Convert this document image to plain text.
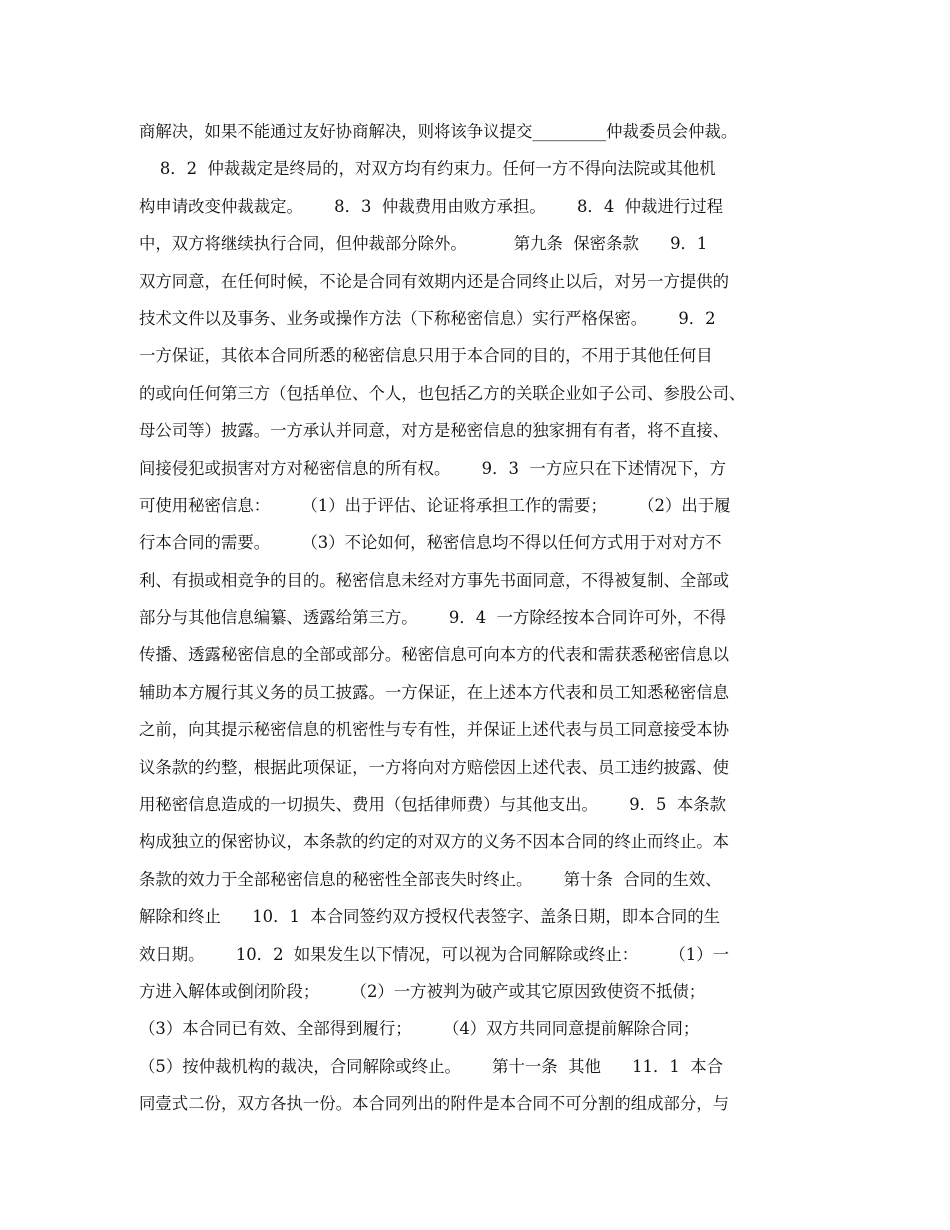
商解决，如果不能通过友好协商解决，则将该争议提交_________仲裁委员会仲裁。
8．2  仲裁裁定是终局的，对双方均有约束力。任何一方不得向法院或其他机
构申请改变仲裁裁定。      8．3  仲裁费用由败方承担。      8．4  仲裁进行过程
中，双方将继续执行合同，但仲裁部分除外。         第九条  保密条款      9．1
双方同意，在任何时候，不论是合同有效期内还是合同终止以后，对另一方提供的
技术文件以及事务、业务或操作方法（下称秘密信息）实行严格保密。      9．2
一方保证，其依本合同所悉的秘密信息只用于本合同的目的，不用于其他任何目
的或向任何第三方（包括单位、个人，也包括乙方的关联企业如子公司、参股公司、
母公司等）披露。一方承认并同意，对方是秘密信息的独家拥有有者，将不直接、
间接侵犯或损害对方对秘密信息的所有权。      9．3  一方应只在下述情况下，方
可使用秘密信息：      （1）出于评估、论证将承担工作的需要；      （2）出于履
行本合同的需要。      （3）不论如何，秘密信息均不得以任何方式用于对对方不
利、有损或相竞争的目的。秘密信息未经对方事先书面同意，不得被复制、全部或
部分与其他信息编纂、透露给第三方。      9．4  一方除经按本合同许可外，不得
传播、透露秘密信息的全部或部分。秘密信息可向本方的代表和需获悉秘密信息以
辅助本方履行其义务的员工披露。一方保证，在上述本方代表和员工知悉秘密信息
之前，向其提示秘密信息的机密性与专有性，并保证上述代表与员工同意接受本协
议条款的约整，根据此项保证，一方将向对方赔偿因上述代表、员工违约披露、使
用秘密信息造成的一切损失、费用（包括律师费）与其他支出。      9．5  本条款
构成独立的保密协议，本条款的约定的对双方的义务不因本合同的终止而终止。本
条款的效力于全部秘密信息的秘密性全部丧失时终止。      第十条  合同的生效、
解除和终止      10．1  本合同签约双方授权代表签字、盖条日期，即本合同的生
效日期。      10．2  如果发生以下情况，可以视为合同解除或终止：      （1）一
方进入解体或倒闭阶段；      （2）一方被判为破产或其它原因致使资不抵债；
（3）本合同已有效、全部得到履行；      （4）双方共同同意提前解除合同；
（5）按仲裁机构的裁决，合同解除或终止。      第十一条  其他      11．1  本合
同壹式二份，双方各执一份。本合同列出的附件是本合同不可分割的组成部分，与
